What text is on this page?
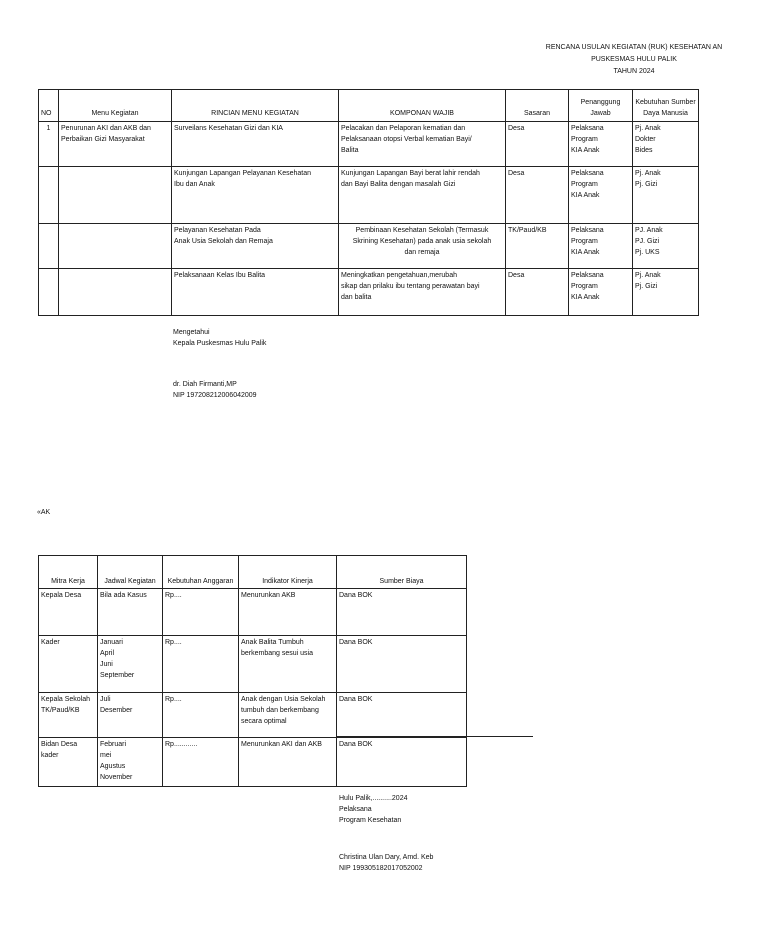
RENCANA USULAN KEGIATAN (RUK) KESEHATAN AN
PUSKESMAS HULU PALIK
TAHUN 2024
NO	Menu Kegiatan	RINCIAN MENU KEGIATAN	KOMPONAN WAJIB	Sasaran	Penanggung Jawab	Kebutuhan Sumber Daya Manusia
1	Penurunan AKI dan AKB dan
Perbaikan Gizi Masyarakat	Surveilans Kesehatan Gizi dan KIA	Pelacakan dan Pelaporan kematian dan
Pelaksanaan otopsi Verbal kematian Bayi/
Balita	Desa	Pelaksana
Program
KIA Anak	Pj. Anak
Dokter
Bides

		Kunjungan Lapangan Pelayanan Kesehatan
Ibu dan Anak	Kunjungan Lapangan Bayi berat lahir rendah
dan Bayi Balita dengan masalah Gizi	Desa	Pelaksana
Program
KIA Anak	Pj. Anak
Pj. Gizi

		Pelayanan Kesehatan Pada
Anak Usia Sekolah dan Remaja	Pembinaan Kesehatan Sekolah (Termasuk
Skrining Kesehatan) pada anak usia sekolah
dan remaja	TK/Paud/KB	Pelaksana
Program
KIA Anak	PJ. Anak
PJ. Gizi
Pj. UKS

		Pelaksanaan Kelas Ibu Balita	Meningkatkan pengetahuan,merubah
sikap dan prilaku ibu tentang perawatan bayi
dan balita	Desa	Pelaksana
Program
KIA Anak	Pj. Anak
Pj. Gizi
Mengetahui
Kepala Puskesmas Hulu Palik
dr. Diah Firmanti,MP
NIP 197208212006042009
«AK
Mitra Kerja	Jadwal Kegiatan	Kebutuhan Anggaran	Indikator Kinerja	Sumber Biaya

Kepala Desa	Bila ada Kasus	Rp....	Menurunkan AKB	Dana BOK

Kader	Januari
April
Juni
September	Rp....	Anak Balita Tumbuh
berkembang sesui usia	Dana BOK

Kepala Sekolah
TK/Paud/KB	Juli
Desember	Rp....	Anak dengan Usia Sekolah
tumbuh dan berkembang
secara optimal	Dana BOK

Bidan Desa
kader	Februari
mei
Agustus
November	Rp............	Menurunkan AKI dan AKB	Dana BOK
Hulu Palik,..........2024
Pelaksana
Program Kesehatan
Christina Ulan Dary, Amd. Keb
NIP 199305182017052002
